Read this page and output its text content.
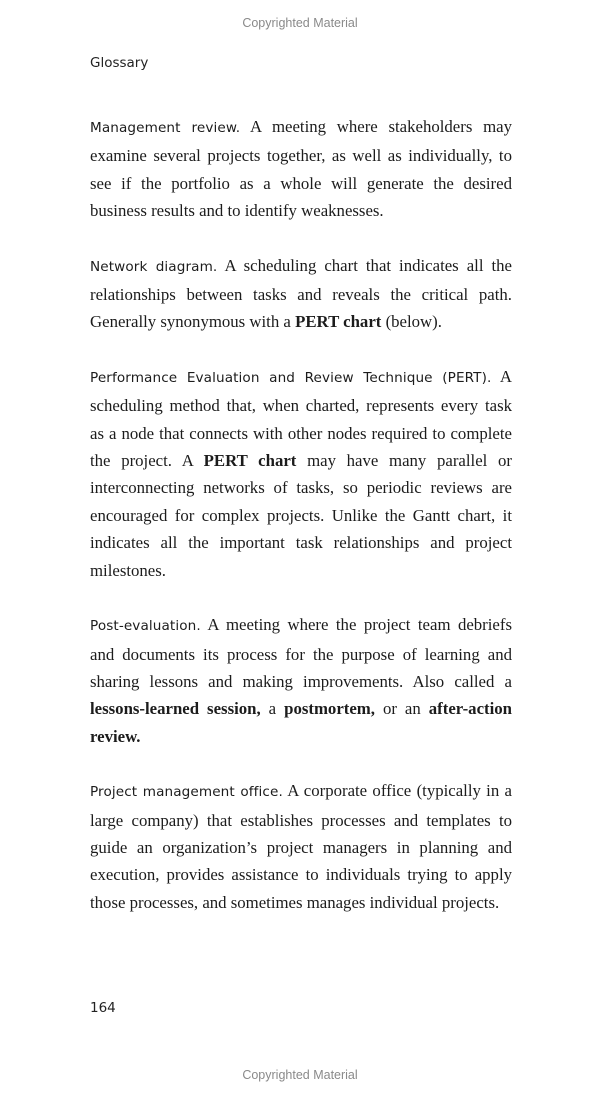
Copyrighted Material
Glossary

Management review. A meeting where stakeholders may examine several projects together, as well as individually, to see if the portfolio as a whole will generate the desired business results and to identify weaknesses.

Network diagram. A scheduling chart that indicates all the relationships between tasks and reveals the critical path. Generally synonymous with a PERT chart (below).

Performance Evaluation and Review Technique (PERT). A scheduling method that, when charted, represents every task as a node that connects with other nodes required to complete the project. A PERT chart may have many parallel or interconnecting networks of tasks, so periodic reviews are encouraged for complex projects. Unlike the Gantt chart, it indicates all the important task relationships and project milestones.

Post-evaluation. A meeting where the project team debriefs and documents its process for the purpose of learning and sharing lessons and making improvements. Also called a lessons-learned session, a postmortem, or an after-action review.

Project management office. A corporate office (typically in a large company) that establishes processes and templates to guide an organization’s project managers in planning and execution, provides assistance to individuals trying to apply those processes, and sometimes manages individual projects.

164
Copyrighted Material
